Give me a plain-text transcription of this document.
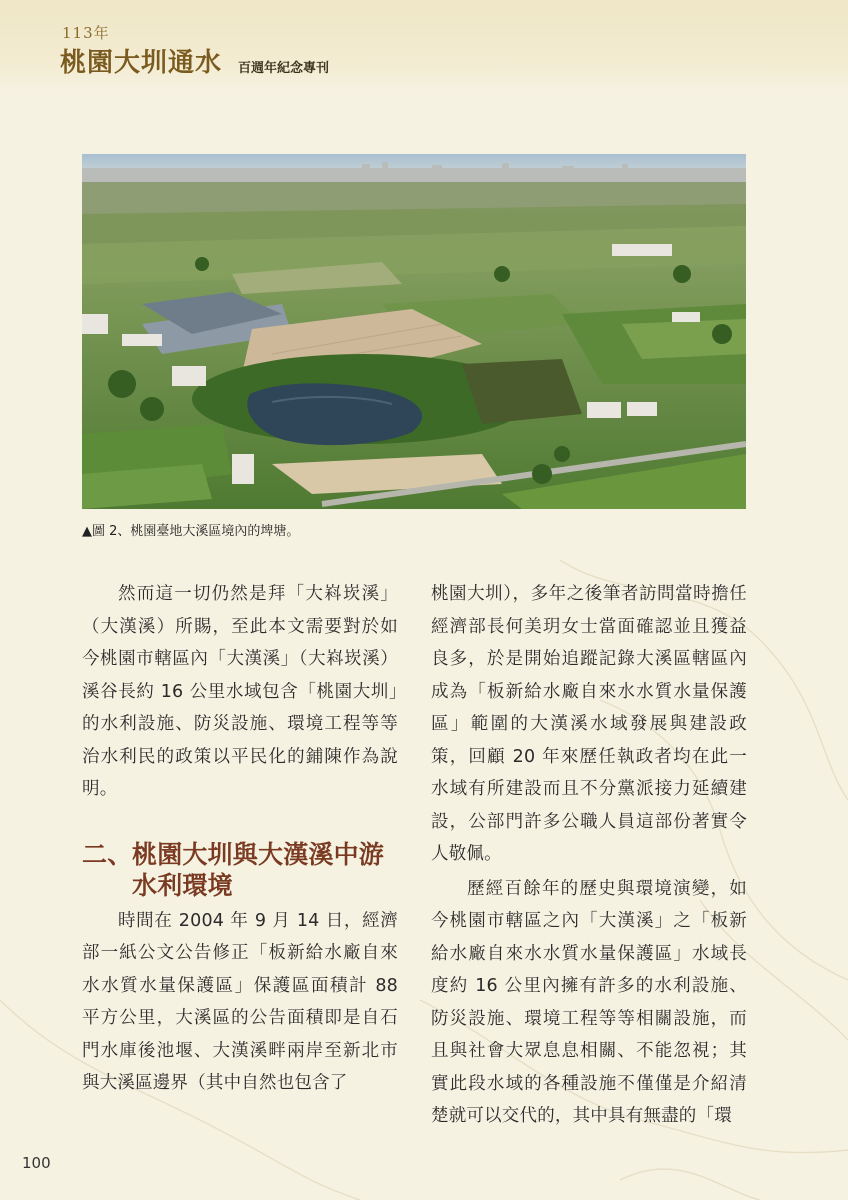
113年
桃園大圳通水 百週年紀念專刊
▲圖 2、桃園臺地大溪區境內的埤塘。

然而這一切仍然是拜「大嵙崁溪」（大漢溪）所賜，至此本文需要對於如今桃園市轄區內「大漢溪」（大嵙崁溪）溪谷長約 16 公里水域包含「桃園大圳」的水利設施、防災設施、環境工程等等治水利民的政策以平民化的鋪陳作為說明。

二、桃園大圳與大漢溪中游
水利環境

時間在 2004 年 9 月 14 日，經濟部一紙公文公告修正「板新給水廠自來水水質水量保護區」保護區面積計 88 平方公里，大溪區的公告面積即是自石門水庫後池堰、大漢溪畔兩岸至新北市與大溪區邊界（其中自然也包含了

桃園大圳），多年之後筆者訪問當時擔任經濟部長何美玥女士當面確認並且獲益良多，於是開始追蹤記錄大溪區轄區內成為「板新給水廠自來水水質水量保護區」範圍的大漢溪水域發展與建設政策，回顧 20 年來歷任執政者均在此一水域有所建設而且不分黨派接力延續建設，公部門許多公職人員這部份著實令人敬佩。

歷經百餘年的歷史與環境演變，如今桃園市轄區之內「大漢溪」之「板新給水廠自來水水質水量保護區」水域長度約 16 公里內擁有許多的水利設施、防災設施、環境工程等等相關設施，而且與社會大眾息息相關、不能忽視；其實此段水域的各種設施不僅僅是介紹清楚就可以交代的，其中具有無盡的「環

100
